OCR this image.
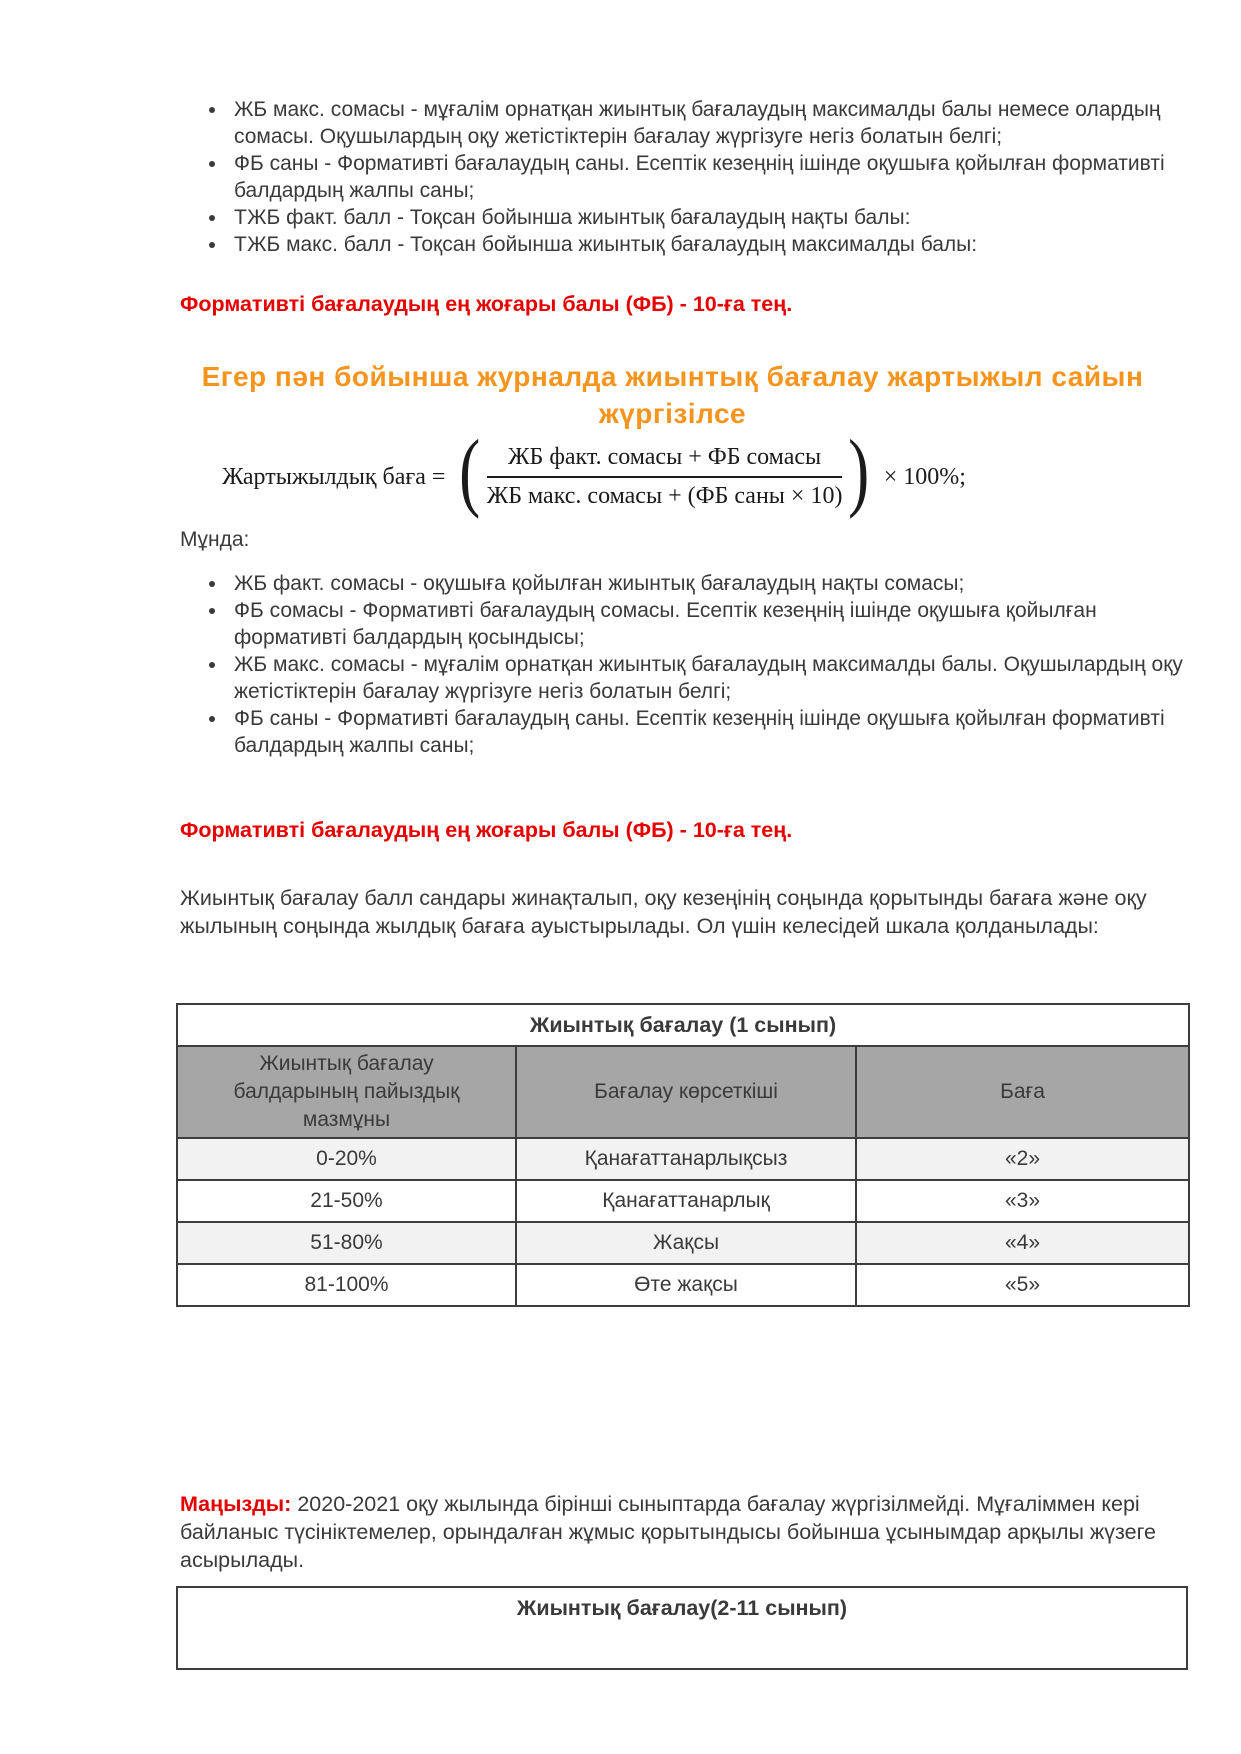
• ЖБ макс. сомасы - мұғалім орнатқан жиынтық бағалаудың максималды балы немесе олардың сомасы. Оқушылардың оқу жетістіктерін бағалау жүргізуге негіз болатын белгі;
• ФБ саны - Формативті бағалаудың саны. Есептік кезеңнің ішінде оқушыға қойылған формативті балдардың жалпы саны;
• ТЖБ факт. балл - Тоқсан бойынша жиынтық бағалаудың нақты балы:
• ТЖБ макс. балл - Тоқсан бойынша жиынтық бағалаудың максималды балы:

Формативті бағалаудың ең жоғары балы (ФБ) - 10-ға тең.

Егер пән бойынша журналда жиынтық бағалау жартыжыл сайын жүргізілсе
Жартыжылдық баға = ( $\frac{\text{ЖБ факт. сомасы + ФБ сомасы}}{\text{ЖБ макс. сомасы + (ФБ саны × 10)}}$ ) × 100%;

Мұнда:

• ЖБ факт. сомасы - оқушыға қойылған жиынтық бағалаудың нақты сомасы;
• ФБ сомасы - Формативті бағалаудың сомасы. Есептік кезеңнің ішінде оқушыға қойылған формативті балдардың қосындысы;
• ЖБ макс. сомасы - мұғалім орнатқан жиынтық бағалаудың максималды балы. Оқушылардың оқу жетістіктерін бағалау жүргізуге негіз болатын белгі;
• ФБ саны - Формативті бағалаудың саны. Есептік кезеңнің ішінде оқушыға қойылған формативті балдардың жалпы саны;

Формативті бағалаудың ең жоғары балы (ФБ) - 10-ға тең.

Жиынтық бағалау балл сандары жинақталып, оқу кезеңінің соңында қорытынды бағаға және оқу жылының соңында жылдық бағаға ауыстырылады. Ол үшін келесідей шкала қолданылады:

Жиынтық бағалау (1 сынып)		
Жиынтық бағалау балдарының пайыздық мазмұны	Бағалау көрсеткіші	Баға
0-20%	Қанағаттанарлықсыз	«2»
21-50%	Қанағаттанарлық	«3»
51-80%	Жақсы	«4»
81-100%	Өте жақсы	«5»

Маңызды: 2020-2021 оқу жылында бірінші сыныптарда бағалау жүргізілмейді. Мұғаліммен кері байланыс түсініктемелер, орындалған жұмыс қорытындысы бойынша ұсынымдар арқылы жүзеге асырылады.

Жиынтық бағалау(2-11 сынып)
